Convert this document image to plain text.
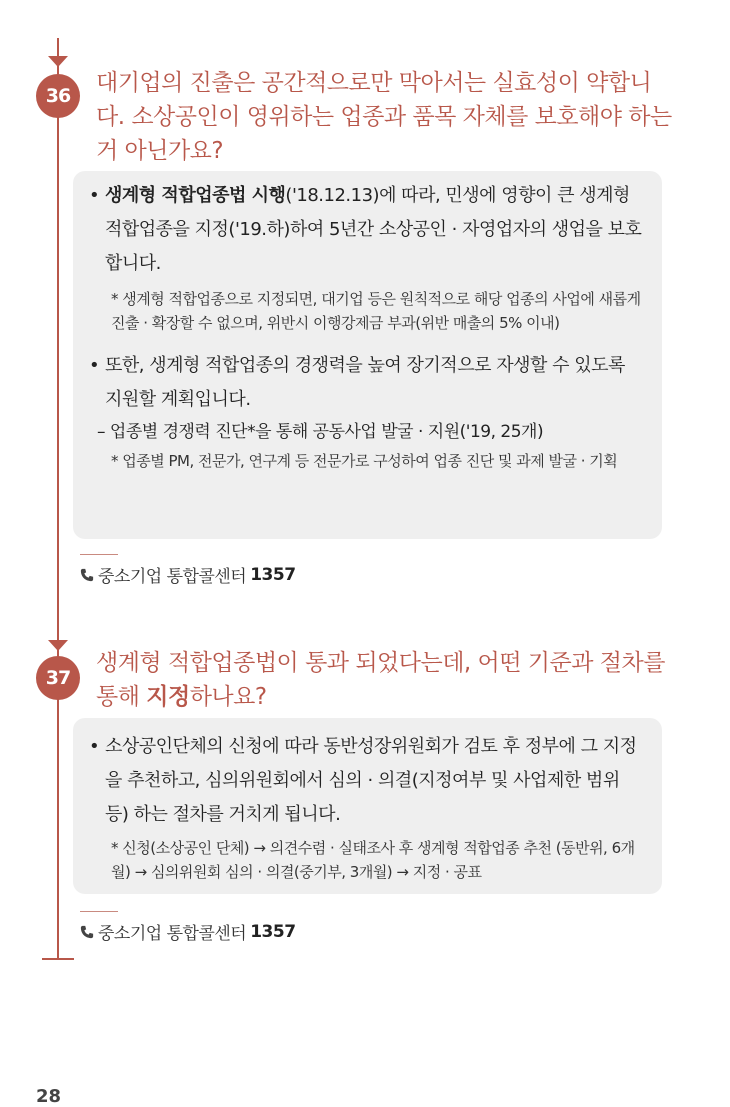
36	대기업의 진출은 공간적으로만 막아서는 실효성이 약합니다. 소상공인이 영위하는 업종과 품목 자체를 보호해야 하는 거 아닌가요?
• 생계형 적합업종법 시행('18.12.13)에 따라, 민생에 영향이 큰 생계형 적합업종을 지정('19.하)하여 5년간 소상공인 · 자영업자의 생업을 보호합니다.
* 생계형 적합업종으로 지정되면, 대기업 등은 원칙적으로 해당 업종의 사업에 새롭게 진출 · 확장할 수 없으며, 위반시 이행강제금 부과(위반 매출의 5% 이내)
• 또한, 생계형 적합업종의 경쟁력을 높여 장기적으로 자생할 수 있도록 지원할 계획입니다.
– 업종별 경쟁력 진단*을 통해 공동사업 발굴 · 지원('19, 25개)
* 업종별 PM, 전문가, 연구계 등 전문가로 구성하여 업종 진단 및 과제 발굴 · 기획
중소기업 통합콜센터 1357
37
생계형 적합업종법이 통과 되었다는데, 어떤 기준과 절차를 통해 지정하나요?
• 소상공인단체의 신청에 따라 동반성장위원회가 검토 후 정부에 그 지정을 추천하고, 심의위원회에서 심의 · 의결(지정여부 및 사업제한 범위 등) 하는 절차를 거치게 됩니다.
* 신청(소상공인 단체) → 의견수렴 · 실태조사 후 생계형 적합업종 추천 (동반위, 6개월) → 심의위원회 심의 · 의결(중기부, 3개월) → 지정 · 공표
중소기업 통합콜센터 1357
28
